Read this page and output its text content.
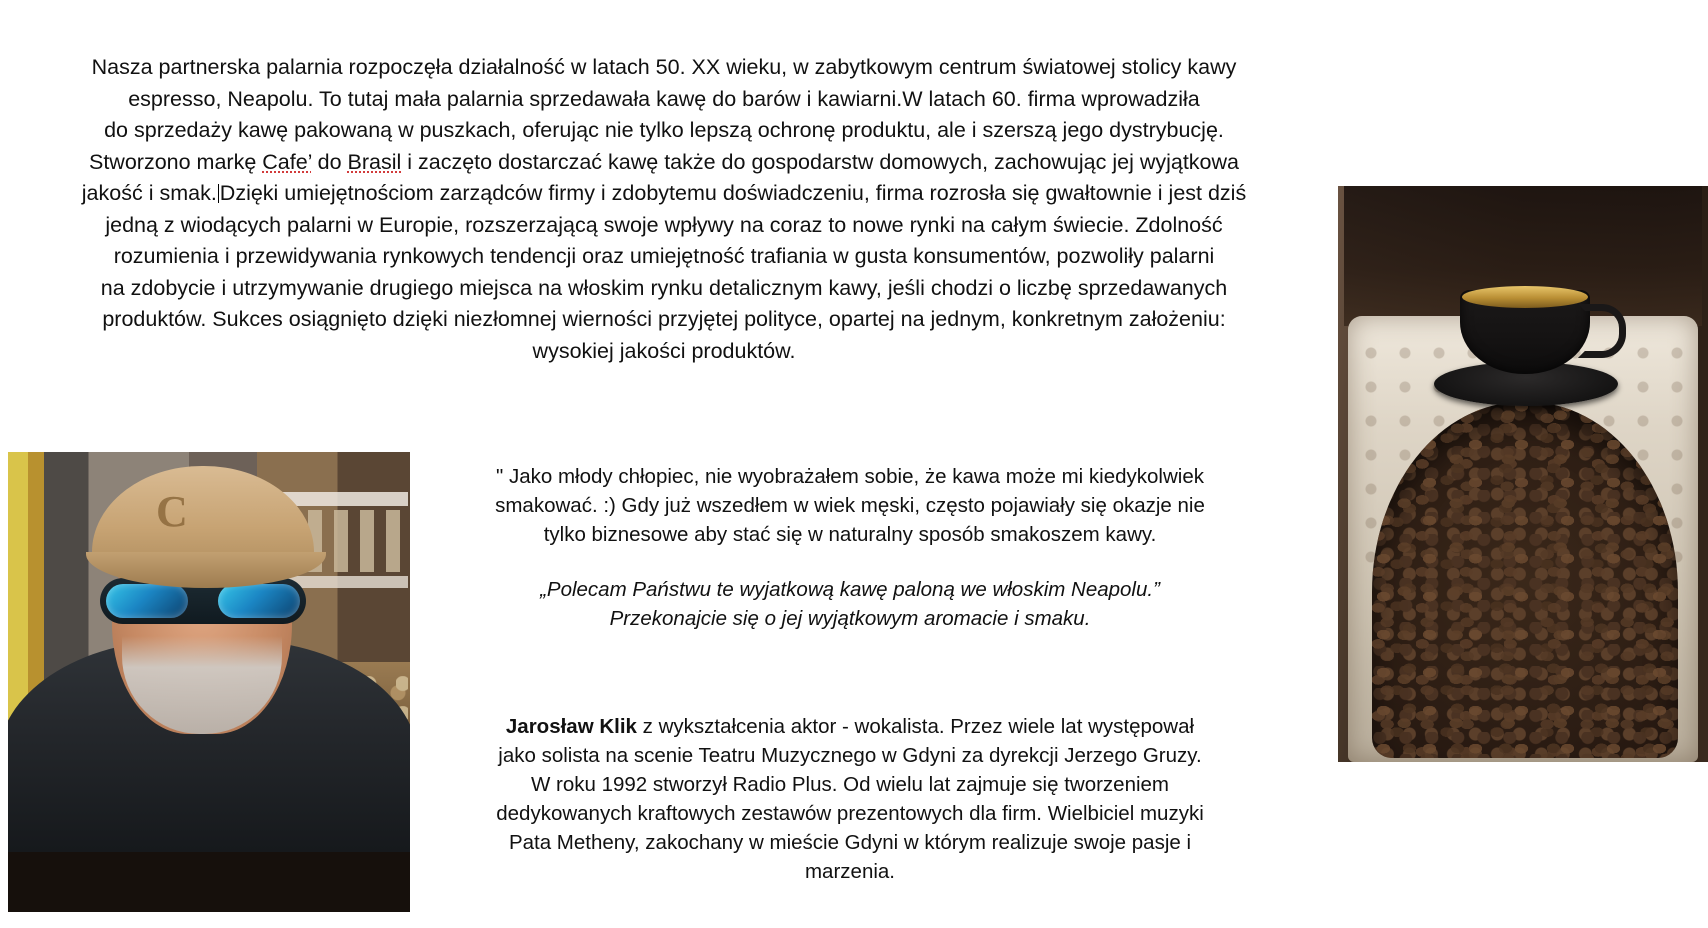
Nasza partnerska palarnia rozpoczęła działalność w latach 50. XX wieku, w zabytkowym centrum światowej stolicy kawy
espresso, Neapolu. To tutaj mała palarnia sprzedawała kawę do barów i kawiarni.W latach 60. firma wprowadziła
do sprzedaży kawę pakowaną w puszkach, oferując nie tylko lepszą ochronę produktu, ale i szerszą jego dystrybucję.
Stworzono markę Cafe’ do Brasil i zaczęto dostarczać kawę także do gospodarstw domowych, zachowując jej wyjątkowa
jakość i smak. Dzięki umiejętnościom zarządców firmy i zdobytemu doświadczeniu, firma rozrosła się gwałtownie i jest dziś
jedną z wiodących palarni w Europie, rozszerzającą swoje wpływy na coraz to nowe rynki na całym świecie. Zdolność
rozumienia i przewidywania rynkowych tendencji oraz umiejętność trafiania w gusta konsumentów, pozwoliły palarni
na zdobycie i utrzymywanie drugiego miejsca na włoskim rynku detalicznym kawy, jeśli chodzi o liczbę sprzedawanych
produktów. Sukces osiągnięto dzięki niezłomnej wierności przyjętej polityce, opartej na jednym, konkretnym założeniu:
wysokiej jakości produktów.
C
" Jako młody chłopiec, nie wyobrażałem sobie, że kawa może mi kiedykolwiek
smakować. :) Gdy już wszedłem w wiek męski, często pojawiały się okazje nie
tylko biznesowe aby stać się w naturalny sposób smakoszem kawy.
„Polecam Państwu te wyjatkową kawę paloną we włoskim Neapolu.”
Przekonajcie się o jej wyjątkowym aromacie i smaku.
Jarosław Klik z wykształcenia aktor - wokalista. Przez wiele lat występował
jako solista na scenie Teatru Muzycznego w Gdyni za dyrekcji Jerzego Gruzy.
W roku 1992 stworzył Radio Plus. Od wielu lat zajmuje się tworzeniem
dedykowanych kraftowych zestawów prezentowych dla firm. Wielbiciel muzyki
Pata Metheny, zakochany w mieście Gdyni w którym realizuje swoje pasje i
marzenia.
